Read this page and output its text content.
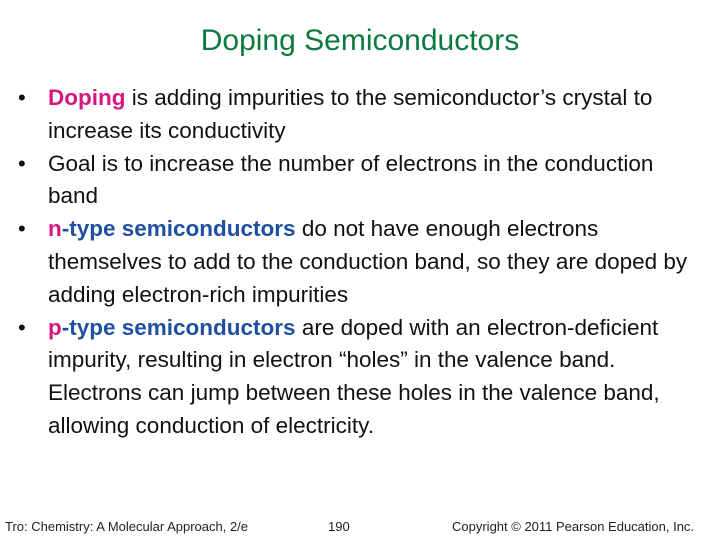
Doping Semiconductors
• Doping is adding impurities to the semiconductor’s crystal to increase its conductivity
• Goal is to increase the number of electrons in the conduction band
• n-type semiconductors do not have enough electrons themselves to add to the conduction band, so they are doped by adding electron-rich impurities
• p-type semiconductors are doped with an electron-deficient impurity, resulting in electron “holes” in the valence band. Electrons can jump between these holes in the valence band, allowing conduction of electricity.
Tro: Chemistry: A Molecular Approach, 2/e	190	Copyright © 2011 Pearson Education, Inc.
